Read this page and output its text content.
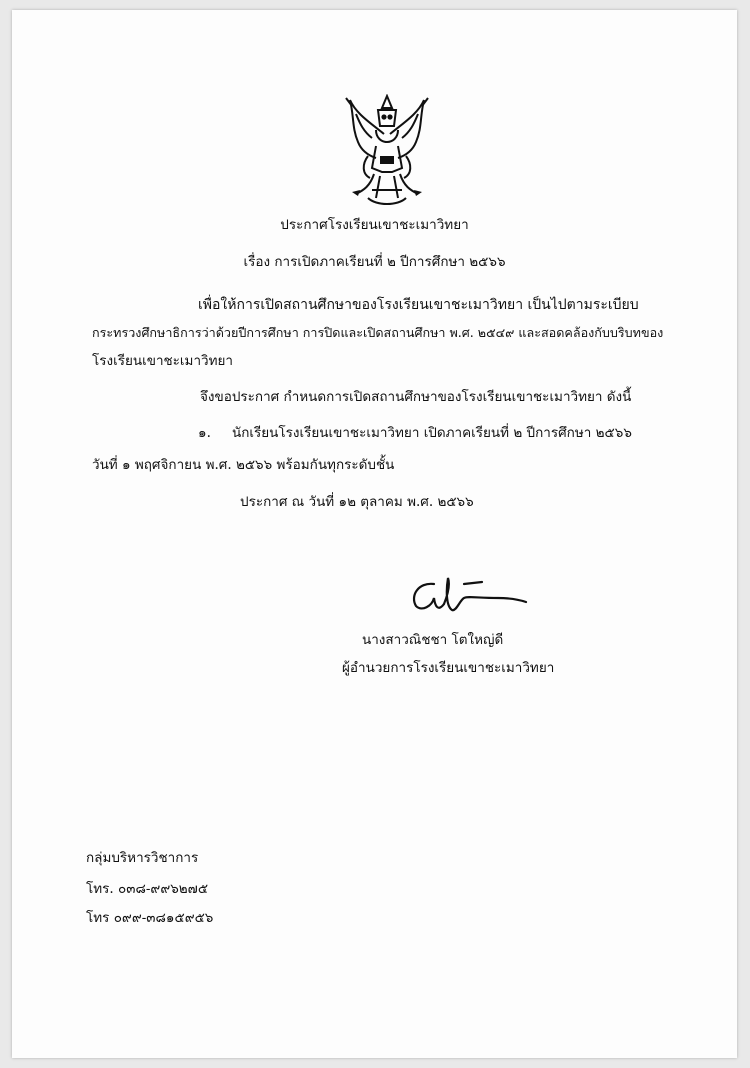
ประกาศโรงเรียนเขาชะเมาวิทยา
เรื่อง การเปิดภาคเรียนที่ ๒ ปีการศึกษา ๒๕๖๖
เพื่อให้การเปิดสถานศึกษาของโรงเรียนเขาชะเมาวิทยา เป็นไปตามระเบียบ
กระทรวงศึกษาธิการว่าด้วยปีการศึกษา การปิดและเปิดสถานศึกษา พ.ศ. ๒๕๔๙ และสอดคล้องกับบริบทของ
โรงเรียนเขาชะเมาวิทยา
จึงขอประกาศ กำหนดการเปิดสถานศึกษาของโรงเรียนเขาชะเมาวิทยา ดังนี้
๑. นักเรียนโรงเรียนเขาชะเมาวิทยา เปิดภาคเรียนที่ ๒ ปีการศึกษา ๒๕๖๖
วันที่ ๑ พฤศจิกายน พ.ศ. ๒๕๖๖ พร้อมกันทุกระดับชั้น
ประกาศ ณ วันที่ ๑๒ ตุลาคม พ.ศ. ๒๕๖๖
นางสาวณิชชา โตใหญ่ดี
ผู้อำนวยการโรงเรียนเขาชะเมาวิทยา
กลุ่มบริหารวิชาการ
โทร. ๐๓๘-๙๙๖๒๗๕
โทร ๐๙๙-๓๘๑๕๙๕๖
